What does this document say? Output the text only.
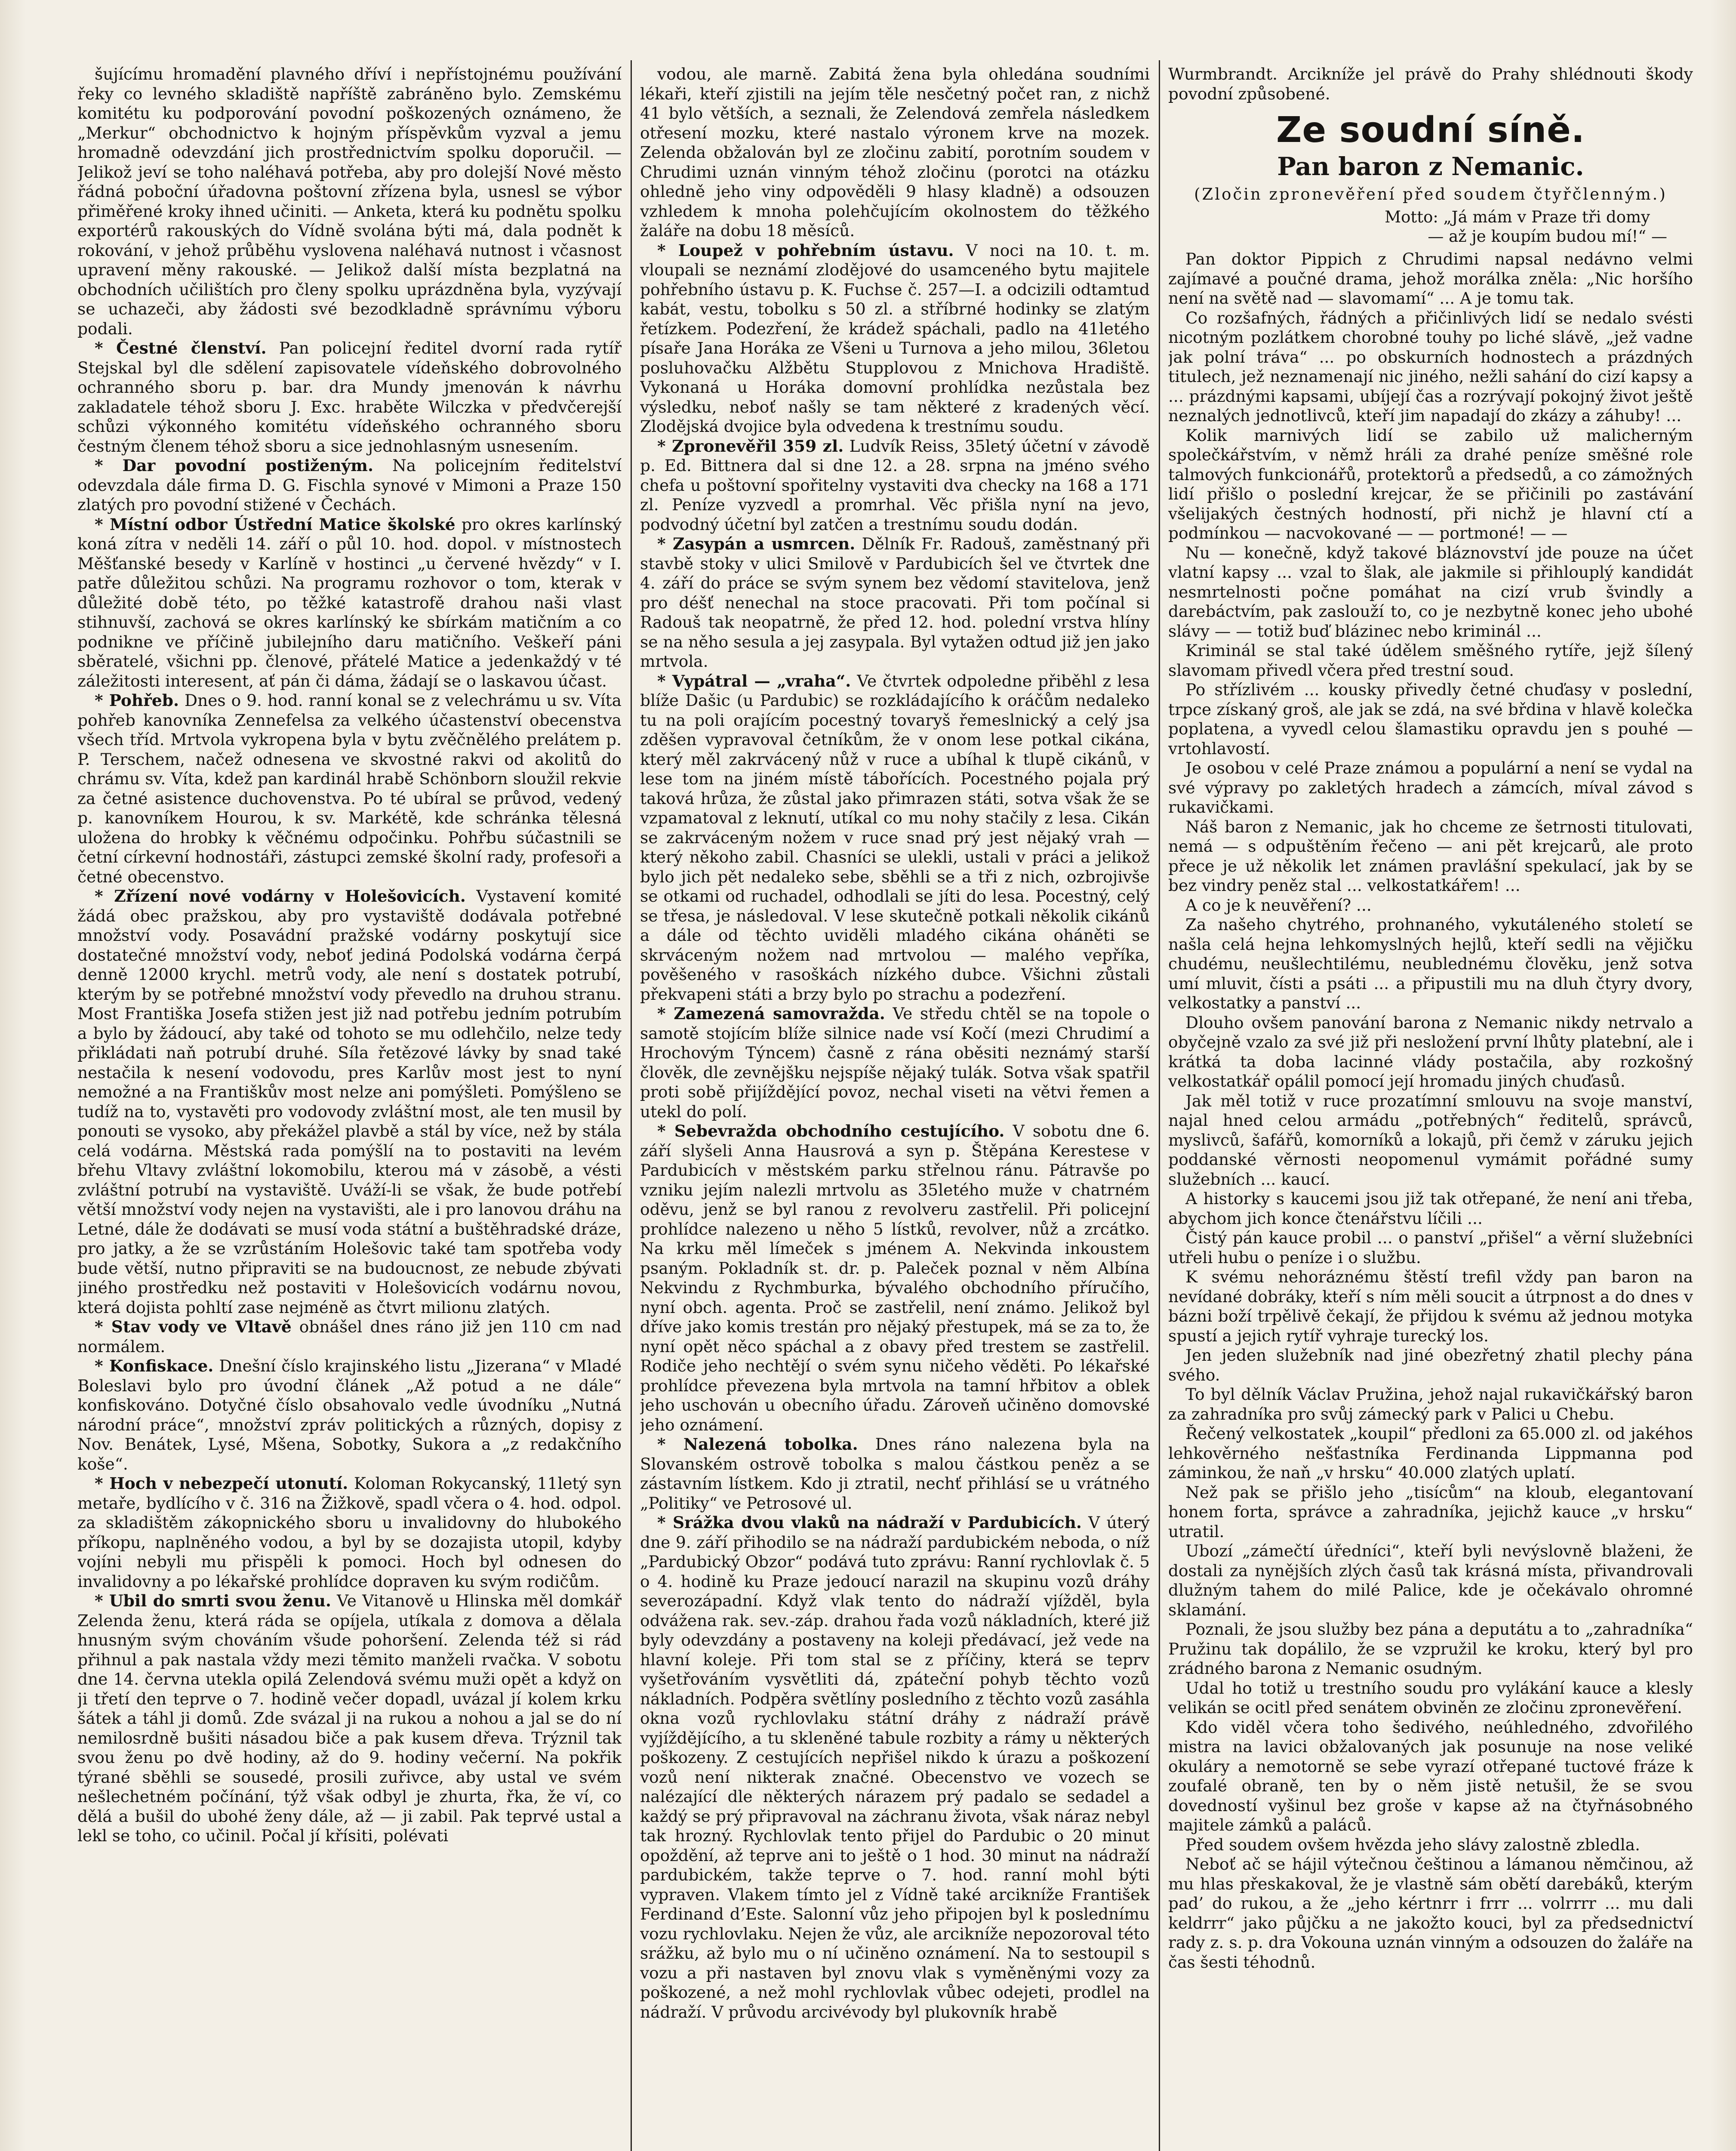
šujícímu hromadění plavného dříví i nepřístojnému používání řeky co levného skladiště napříště zabráněno bylo. Zemskému komitétu ku podporování povodní poškozených oznámeno, že „Merkur“ obchodnictvo k hojným příspěvkům vyzval a jemu hromadně odevzdání jich prostřednictvím spolku doporučil. — Jelikož jeví se toho naléhavá potřeba, aby pro dolejší Nové město řádná poboční úřadovna poštovní zřízena byla, usnesl se výbor přiměřené kroky ihned učiniti. — Anketa, která ku podnětu spolku exportérů rakouských do Vídně svolána býti má, dala podnět k rokování, v jehož průběhu vyslovena naléhavá nutnost i včasnost upravení měny rakouské. — Jelikož další místa bezplatná na obchodních učilištích pro členy spolku uprázdněna byla, vyzývají se uchazeči, aby žádosti své bezodkladně správnímu výboru podali.

* Čestné členství. Pan policejní ředitel dvorní rada rytíř Stejskal byl dle sdělení zapisovatele vídeňského dobrovolného ochranného sboru p. bar. dra Mundy jmenován k návrhu zakladatele téhož sboru J. Exc. hraběte Wilczka v předvčerejší schůzi výkonného komitétu vídeňského ochranného sboru čestným členem téhož sboru a sice jednohlasným usnesením.

* Dar povodní postiženým. Na policejním ředitelství odevzdala dále firma D. G. Fischla synové v Mimoni a Praze 150 zlatých pro povodní stižené v Čechách.

* Místní odbor Ústřední Matice školské pro okres karlínský koná zítra v neděli 14. září o půl 10. hod. dopol. v místnostech Měšťanské besedy v Karlíně v hostinci „u červené hvězdy“ v I. patře důležitou schůzi. Na programu rozhovor o tom, kterak v důležité době této, po těžké katastrofě drahou naši vlast stihnuvší, zachová se okres karlínský ke sbírkám matičním a co podnikne ve příčině jubilejního daru matičního. Veškeří páni sběratelé, všichni pp. členové, přátelé Matice a jedenkaždý v té záležitosti interesent, ať pán či dáma, žádají se o laskavou účast.

* Pohřeb. Dnes o 9. hod. ranní konal se z velechrámu u sv. Víta pohřeb kanovníka Zennefelsa za velkého účastenství obecenstva všech tříd. Mrtvola vykropena byla v bytu zvěčnělého prelátem p. P. Terschem, načež odnesena ve skvostné rakvi od akolitů do chrámu sv. Víta, kdež pan kardinál hrabě Schönborn sloužil rekvie za četné asistence duchovenstva. Po té ubíral se průvod, vedený p. kanovníkem Hourou, k sv. Markétě, kde schránka tělesná uložena do hrobky k věčnému odpočinku. Pohřbu súčastnili se četní církevní hodnostáři, zástupci zemské školní rady, profesoři a četné obecenstvo.

* Zřízení nové vodárny v Holešovicích. Vystavení komité žádá obec pražskou, aby pro vystaviště dodávala potřebné množství vody. Posavádní pražské vodárny poskytují sice dostatečné množství vody, neboť jediná Podolská vodárna čerpá denně 12000 krychl. metrů vody, ale není s dostatek potrubí, kterým by se potřebné množství vody převedlo na druhou stranu. Most Františka Josefa stižen jest již nad potřebu jedním potrubím a bylo by žádoucí, aby také od tohoto se mu odlehčilo, nelze tedy přikládati naň potrubí druhé. Síla řetězové lávky by snad také nestačila k nesení vodovodu, pres Karlův most jest to nyní nemožné a na Františkův most nelze ani pomýšleti. Pomýšleno se tudíž na to, vystavěti pro vodovody zvláštní most, ale ten musil by ponouti se vysoko, aby překážel plavbě a stál by více, než by stála celá vodárna. Městská rada pomýšlí na to postaviti na levém břehu Vltavy zvláštní lokomobilu, kterou má v zásobě, a vésti zvláštní potrubí na vystaviště. Uváží-li se však, že bude potřebí větší množství vody nejen na vystavišti, ale i pro lanovou dráhu na Letné, dále že dodávati se musí voda státní a buštěhradské dráze, pro jatky, a že se vzrůstáním Holešovic také tam spotřeba vody bude větší, nutno připraviti se na budoucnost, ze nebude zbývati jiného prostředku než postaviti v Holešovicích vodárnu novou, která dojista pohltí zase nejméně as čtvrt milionu zlatých.

* Stav vody ve Vltavě obnášel dnes ráno již jen 110 cm nad normálem.

* Konfiskace. Dnešní číslo krajinského listu „Jizerana“ v Mladé Boleslavi bylo pro úvodní článek „Až potud a ne dále“ konfiskováno. Dotyčné číslo obsahovalo vedle úvodníku „Nutná národní práce“, množství zpráv politických a různých, dopisy z Nov. Benátek, Lysé, Mšena, Sobotky, Sukora a „z redakčního koše“.

* Hoch v nebezpečí utonutí. Koloman Rokycanský, 11letý syn metaře, bydlícího v č. 316 na Žižkově, spadl včera o 4. hod. odpol. za skladištěm zákopnického sboru u invalidovny do hlubokého příkopu, naplněného vodou, a byl by se dozajista utopil, kdyby vojíni nebyli mu přispěli k pomoci. Hoch byl odnesen do invalidovny a po lékařské prohlídce dopraven ku svým rodičům.

* Ubil do smrti svou ženu. Ve Vitanově u Hlinska měl domkář Zelenda ženu, která ráda se opíjela, utíkala z domova a dělala hnusným svým chováním všude pohoršení. Zelenda též si rád přihnul a pak nastala vždy mezi těmito manželi rvačka. V sobotu dne 14. června utekla opilá Zelendová svému muži opět a když on ji třetí den teprve o 7. hodině večer dopadl, uvázal jí kolem krku šátek a táhl ji domů. Zde svázal ji na rukou a nohou a jal se do ní nemilosrdně bušiti násadou biče a pak kusem dřeva. Trýznil tak svou ženu po dvě hodiny, až do 9. hodiny večerní. Na pokřik týrané sběhli se sousedé, prosili zuřivce, aby ustal ve svém nešlechetném počínání, týž však odbyl je zhurta, řka, že ví, co dělá a bušil do ubohé ženy dále, až — ji zabil. Pak teprvé ustal a lekl se toho, co učinil. Počal jí křísiti, polévati

vodou, ale marně. Zabitá žena byla ohledána soudními lékaři, kteří zjistili na jejím těle nesčetný počet ran, z nichž 41 bylo větších, a seznali, že Zelendová zemřela následkem otřesení mozku, které nastalo výronem krve na mozek. Zelenda obžalován byl ze zločinu zabití, porotním soudem v Chrudimi uznán vinným téhož zločinu (porotci na otázku ohledně jeho viny odpověděli 9 hlasy kladně) a odsouzen vzhledem k mnoha polehčujícím okolnostem do těžkého žaláře na dobu 18 měsíců.

* Loupež v pohřebním ústavu. V noci na 10. t. m. vloupali se neznámí zlodějové do usamceného bytu majitele pohřebního ústavu p. K. Fuchse č. 257—I. a odcizili odtamtud kabát, vestu, tobolku s 50 zl. a stříbrné hodinky se zlatým řetízkem. Podezření, že krádež spáchali, padlo na 41letého písaře Jana Horáka ze Všeni u Turnova a jeho milou, 36letou posluhovačku Alžbětu Stupplovou z Mnichova Hradiště. Vykonaná u Horáka domovní prohlídka nezůstala bez výsledku, neboť našly se tam některé z kradených věcí. Zlodějská dvojice byla odvedena k trestnímu soudu.

* Zpronevěřil 359 zl. Ludvík Reiss, 35letý účetní v závodě p. Ed. Bittnera dal si dne 12. a 28. srpna na jméno svého chefa u poštovní spořitelny vystaviti dva checky na 168 a 171 zl. Peníze vyzvedl a promrhal. Věc přišla nyní na jevo, podvodný účetní byl zatčen a trestnímu soudu dodán.

* Zasypán a usmrcen. Dělník Fr. Radouš, zaměstnaný při stavbě stoky v ulici Smilově v Pardubicích šel ve čtvrtek dne 4. září do práce se svým synem bez vědomí stavitelova, jenž pro déšť nenechal na stoce pracovati. Při tom počínal si Radouš tak neopatrně, že před 12. hod. polední vrstva hlíny se na něho sesula a jej zasypala. Byl vytažen odtud již jen jako mrtvola.

* Vypátral — „vraha“. Ve čtvrtek odpoledne přiběhl z lesa blíže Dašic (u Pardubic) se rozkládajícího k oráčům nedaleko tu na poli orajícím pocestný tovaryš řemeslnický a celý jsa zděšen vypravoval četníkům, že v onom lese potkal cikána, který měl zakrvácený nůž v ruce a ubíhal k tlupě cikánů, v lese tom na jiném místě tábořících. Pocestného pojala prý taková hrůza, že zůstal jako přimrazen státi, sotva však že se vzpamatoval z leknutí, utíkal co mu nohy stačily z lesa. Cikán se zakrváceným nožem v ruce snad prý jest nějaký vrah — který někoho zabil. Chasníci se ulekli, ustali v práci a jelikož bylo jich pět nedaleko sebe, sběhli se a tři z nich, ozbrojivše se otkami od ruchadel, odhodlali se jíti do lesa. Pocestný, celý se třesa, je následoval. V lese skutečně potkali několik cikánů a dále od těchto uviděli mladého cikána oháněti se skrváceným nožem nad mrtvolou — malého vepříka, pověšeného v rasoškách nízkého dubce. Všichni zůstali překvapeni státi a brzy bylo po strachu a podezření.

* Zamezená samovražda. Ve středu chtěl se na topole o samotě stojícím blíže silnice nade vsí Kočí (mezi Chrudimí a Hrochovým Týncem) časně z rána oběsiti neznámý starší člověk, dle zevnějšku nejspíše nějaký tulák. Sotva však spatřil proti sobě přijíždějící povoz, nechal viseti na větvi řemen a utekl do polí.

* Sebevražda obchodního cestujícího. V sobotu dne 6. září slyšeli Anna Hausrová a syn p. Štěpána Kerestese v Pardubicích v městském parku střelnou ránu. Pátravše po vzniku jejím nalezli mrtvolu as 35letého muže v chatrném oděvu, jenž se byl ranou z revolveru zastřelil. Při policejní prohlídce nalezeno u něho 5 lístků, revolver, nůž a zrcátko. Na krku měl límeček s jménem A. Nekvinda inkoustem psaným. Pokladník st. dr. p. Paleček poznal v něm Albína Nekvindu z Rychmburka, bývalého obchodního příručího, nyní obch. agenta. Proč se zastřelil, není známo. Jelikož byl dříve jako komis trestán pro nějaký přestupek, má se za to, že nyní opět něco spáchal a z obavy před trestem se zastřelil. Rodiče jeho nechtějí o svém synu ničeho věděti. Po lékařské prohlídce převezena byla mrtvola na tamní hřbitov a oblek jeho uschován u obecního úřadu. Zároveň učiněno domovské jeho oznámení.

* Nalezená tobolka. Dnes ráno nalezena byla na Slovanském ostrově tobolka s malou částkou peněz a se zástavním lístkem. Kdo ji ztratil, nechť přihlásí se u vrátného „Politiky“ ve Petrosové ul.

* Srážka dvou vlaků na nádraží v Pardubicích. V úterý dne 9. září přihodilo se na nádraží pardubickém neboda, o níž „Pardubický Obzor“ podává tuto zprávu: Ranní rychlovlak č. 5 o 4. hodině ku Praze jedoucí narazil na skupinu vozů dráhy severozápadní. Když vlak tento do nádraží vjížděl, byla odvážena rak. sev.-záp. drahou řada vozů nákladních, které již byly odevzdány a postaveny na koleji předávací, jež vede na hlavní koleje. Při tom stal se z příčiny, která se teprv vyšetřováním vysvětliti dá, zpáteční pohyb těchto vozů nákladních. Podpěra světlíny posledního z těchto vozů zasáhla okna vozů rychlovlaku státní dráhy z nádraží právě vyjíždějícího, a tu skleněné tabule rozbity a rámy u některých poškozeny. Z cestujících nepřišel nikdo k úrazu a poškození vozů není nikterak značné. Obecenstvo ve vozech se nalézající dle některých nárazem prý padalo se sedadel a každý se prý připravoval na záchranu života, však náraz nebyl tak hrozný. Rychlovlak tento přijel do Pardubic o 20 minut opoždění, až teprve ani to ještě o 1 hod. 30 minut na nádraží pardubickém, takže teprve o 7. hod. ranní mohl býti vypraven. Vlakem tímto jel z Vídně také arcikníže František Ferdinand d’Este. Salonní vůz jeho připojen byl k poslednímu vozu rychlovlaku. Nejen že vůz, ale arcikníže nepozoroval této srážku, až bylo mu o ní učiněno oznámení. Na to sestoupil s vozu a při nastaven byl znovu vlak s vyměněnými vozy za poškozené, a než mohl rychlovlak vůbec odejeti, prodlel na nádraží. V průvodu arcivévody byl plukovník hrabě

Wurmbrandt. Arcikníže jel právě do Prahy shlédnouti škody povodní způsobené.

Ze soudní síně.
Pan baron z Nemanic.
(Zločin zpronevěření před soudem čtyřčlenným.)
Motto: „Já mám v Praze tři domy
— až je koupím budou mí!“ —

Pan doktor Pippich z Chrudimi napsal nedávno velmi zajímavé a poučné drama, jehož morálka zněla: „Nic horšího není na světě nad — slavomamí“ ... A je tomu tak.

Co rozšafných, řádných a přičinlivých lidí se nedalo svésti nicotným pozlátkem chorobné touhy po liché slávě, „jež vadne jak polní tráva“ ... po obskurních hodnostech a prázdných titulech, jež neznamenají nic jiného, nežli sahání do cizí kapsy a ... prázdnými kapsami, ubíjejí čas a rozrývají pokojný život ještě neznalých jednotlivců, kteří jim napadají do zkázy a záhuby! ...

Kolik marnivých lidí se zabilo už malicherným společkářstvím, v němž hráli za drahé peníze směšné role talmových funkcionářů, protektorů a předsedů, a co zámožných lidí přišlo o poslední krejcar, že se přičinili po zastávání všelijakých čestných hodností, při nichž je hlavní ctí a podmínkou — nacvokované — — portmoné! — —

Nu — konečně, když takové bláznovství jde pouze na účet vlatní kapsy ... vzal to šlak, ale jakmile si přihlouplý kandidát nesmrtelnosti počne pomáhat na cizí vrub švindly a darebáctvím, pak zaslouží to, co je nezbytně konec jeho ubohé slávy — — totiž buď blázinec nebo kriminál ...

Kriminál se stal také údělem směšného rytíře, jejž šílený slavomam přivedl včera před trestní soud.

Po střízlivém ... kousky přivedly četné chuďasy v poslední, trpce získaný groš, ale jak se zdá, na své břdina v hlavě kolečka poplatena, a vyvedl celou šlamastiku opravdu jen s pouhé — vrtohlavostí.

Je osobou v celé Praze známou a populární a není se vydal na své výpravy po zakletých hradech a zámcích, míval závod s rukavičkami.

Náš baron z Nemanic, jak ho chceme ze šetrnosti titulovati, nemá — s odpuštěním řečeno — ani pět krejcarů, ale proto přece je už několik let známen pravlášní spekulací, jak by se bez vindry peněz stal ... velkostatkářem! ...

A co je k neuvěření? ...

Za našeho chytrého, prohnaného, vykutáleného století se našla celá hejna lehkomyslných hejlů, kteří sedli na vějičku chudému, neušlechtilému, neublednému člověku, jenž sotva umí mluvit, čísti a psáti ... a připustili mu na dluh čtyry dvory, velkostatky a panství ...

Dlouho ovšem panování barona z Nemanic nikdy netrvalo a obyčejně vzalo za své již při nesložení první lhůty platební, ale i krátká ta doba lacinné vlády postačila, aby rozkošný velkostatkář opálil pomocí její hromadu jiných chuďasů.

Jak měl totiž v ruce prozatímní smlouvu na svoje manství, najal hned celou armádu „potřebných“ ředitelů, správců, myslivců, šafářů, komorníků a lokajů, při čemž v záruku jejich poddanské věrnosti neopomenul vymámit pořádné sumy služebních ... kaucí.

A historky s kaucemi jsou již tak otřepané, že není ani třeba, abychom jich konce čtenářstvu líčili ...

Čistý pán kauce probil ... o panství „přišel“ a věrní služebníci utřeli hubu o peníze i o službu.

K svému nehoráznému štěstí trefil vždy pan baron na nevídané dobráky, kteří s ním měli soucit a útrpnost a do dnes v bázni boží trpělivě čekají, že přijdou k svému až jednou motyka spustí a jejich rytíř vyhraje turecký los.

Jen jeden služebník nad jiné obezřetný zhatil plechy pána svého.

To byl dělník Václav Pružina, jehož najal rukavičkářský baron za zahradníka pro svůj zámecký park v Palici u Chebu.

Řečený velkostatek „koupil“ předloni za 65.000 zl. od jakéhos lehkověrného nešťastníka Ferdinanda Lippmanna pod záminkou, že naň „v hrsku“ 40.000 zlatých uplatí.

Než pak se přišlo jeho „tisícům“ na kloub, elegantovaní honem forta, správce a zahradníka, jejichž kauce „v hrsku“ utratil.

Ubozí „zámečtí úředníci“, kteří byli nevýslovně blaženi, že dostali za nynějších zlých časů tak krásná místa, přivandrovali dlužným tahem do milé Palice, kde je očekávalo ohromné sklamání.

Poznali, že jsou služby bez pána a deputátu a to „zahradníka“ Pružinu tak dopálilo, že se vzpružil ke kroku, který byl pro zrádného barona z Nemanic osudným.

Udal ho totiž u trestního soudu pro vylákání kauce a klesly velikán se ocitl před senátem obviněn ze zločinu zpronevěření.

Kdo viděl včera toho šedivého, neúhledného, zdvořilého mistra na lavici obžalovaných jak posunuje na nose veliké okuláry a nemotorně se sebe vyrazí otřepané tuctové fráze k zoufalé obraně, ten by o něm jistě netušil, že se svou dovedností vyšinul bez groše v kapse až na čtyřnásobného majitele zámků a paláců.

Před soudem ovšem hvězda jeho slávy zalostně zbledla.

Neboť ač se hájil výtečnou češtinou a lámanou němčinou, až mu hlas přeskakoval, že je vlastně sám obětí darebáků, kterým pad’ do rukou, a že „jeho kértnrr i frrr ... volrrrr ... mu dali keldrrr“ jako půjčku a ne jakožto kouci, byl za předsednictví rady z. s. p. dra Vokouna uznán vinným a odsouzen do žaláře na čas šesti téhodnů.
